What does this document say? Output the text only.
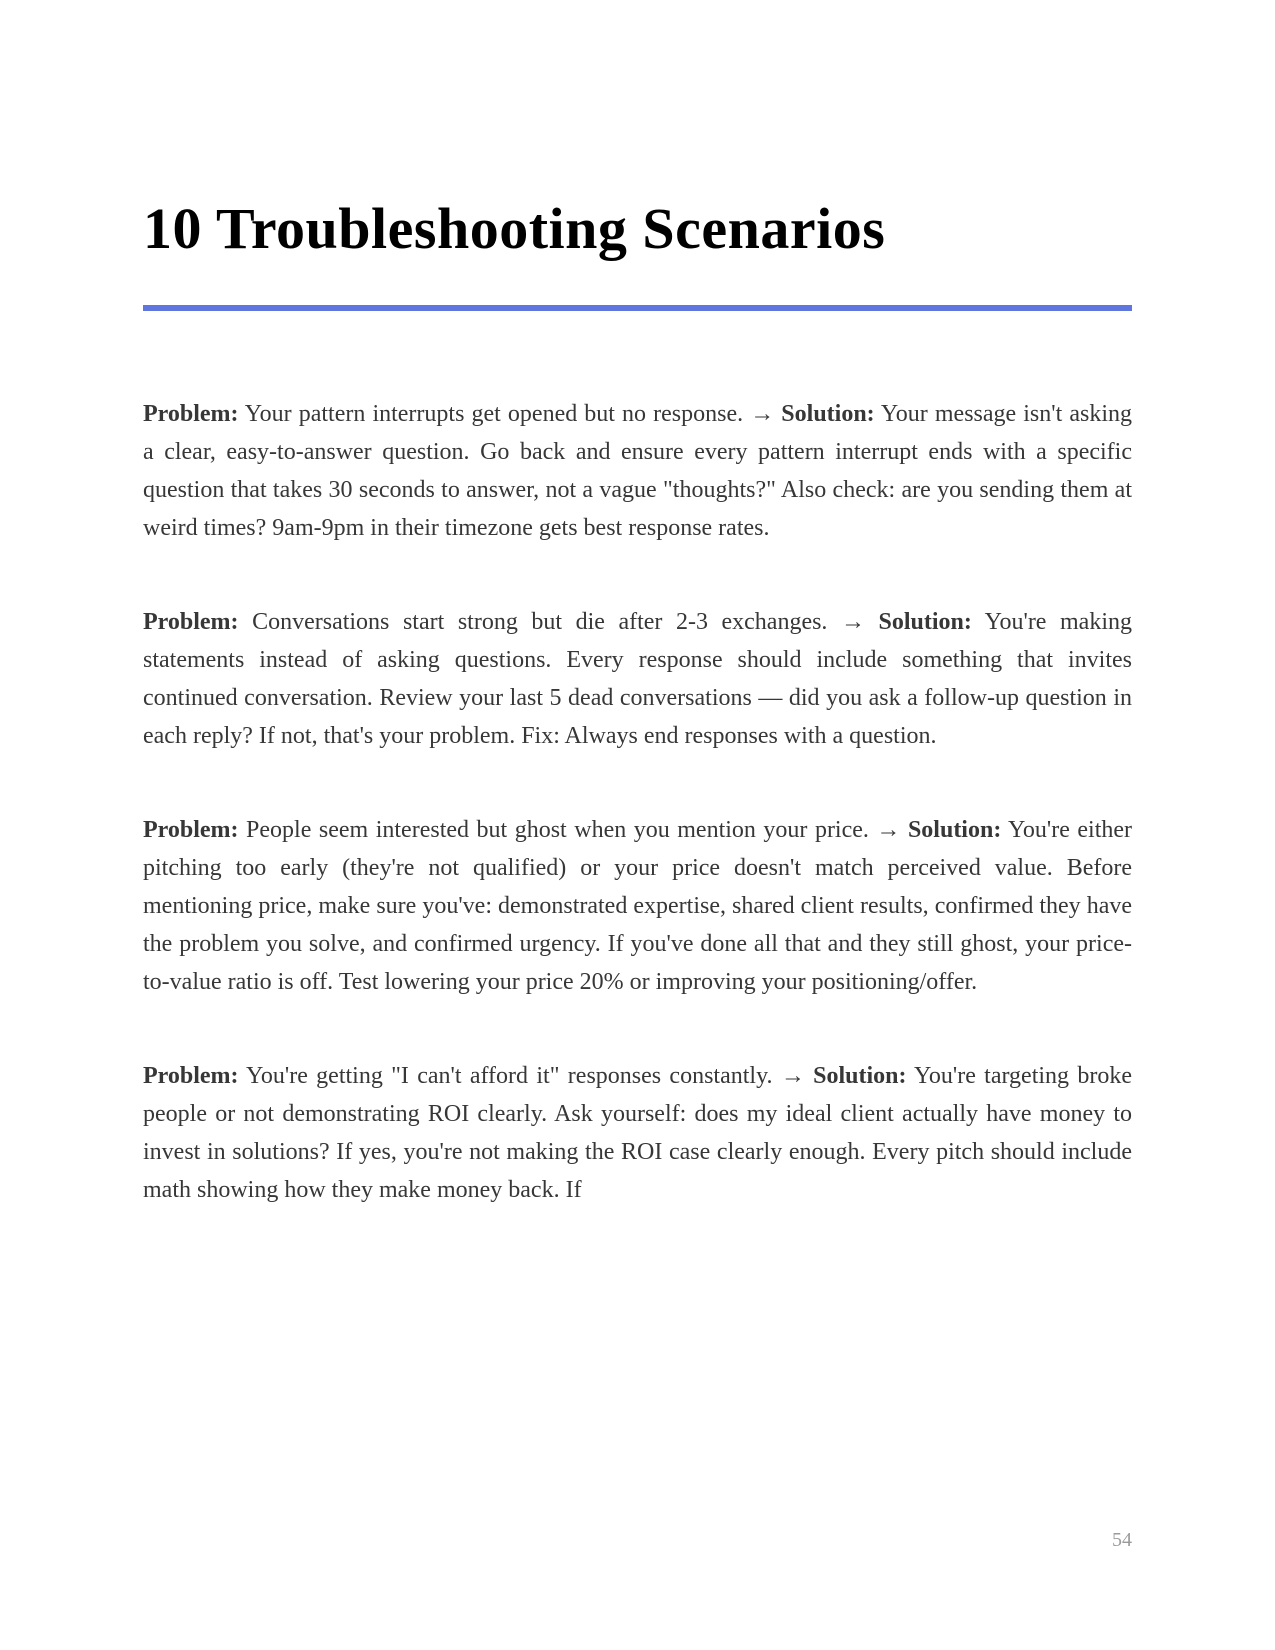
10 Troubleshooting Scenarios

Problem: Your pattern interrupts get opened but no response. → Solution: Your message isn't asking a clear, easy-to-answer question. Go back and ensure every pattern interrupt ends with a specific question that takes 30 seconds to answer, not a vague "thoughts?" Also check: are you sending them at weird times? 9am-9pm in their timezone gets best response rates.

Problem: Conversations start strong but die after 2-3 exchanges. → Solution: You're making statements instead of asking questions. Every response should include something that invites continued conversation. Review your last 5 dead conversations — did you ask a follow-up question in each reply? If not, that's your problem. Fix: Always end responses with a question.

Problem: People seem interested but ghost when you mention your price. → Solution: You're either pitching too early (they're not qualified) or your price doesn't match perceived value. Before mentioning price, make sure you've: demonstrated expertise, shared client results, confirmed they have the problem you solve, and confirmed urgency. If you've done all that and they still ghost, your price-to-value ratio is off. Test lowering your price 20% or improving your positioning/offer.

Problem: You're getting "I can't afford it" responses constantly. → Solution: You're targeting broke people or not demonstrating ROI clearly. Ask yourself: does my ideal client actually have money to invest in solutions? If yes, you're not making the ROI case clearly enough. Every pitch should include math showing how they make money back. If

54
